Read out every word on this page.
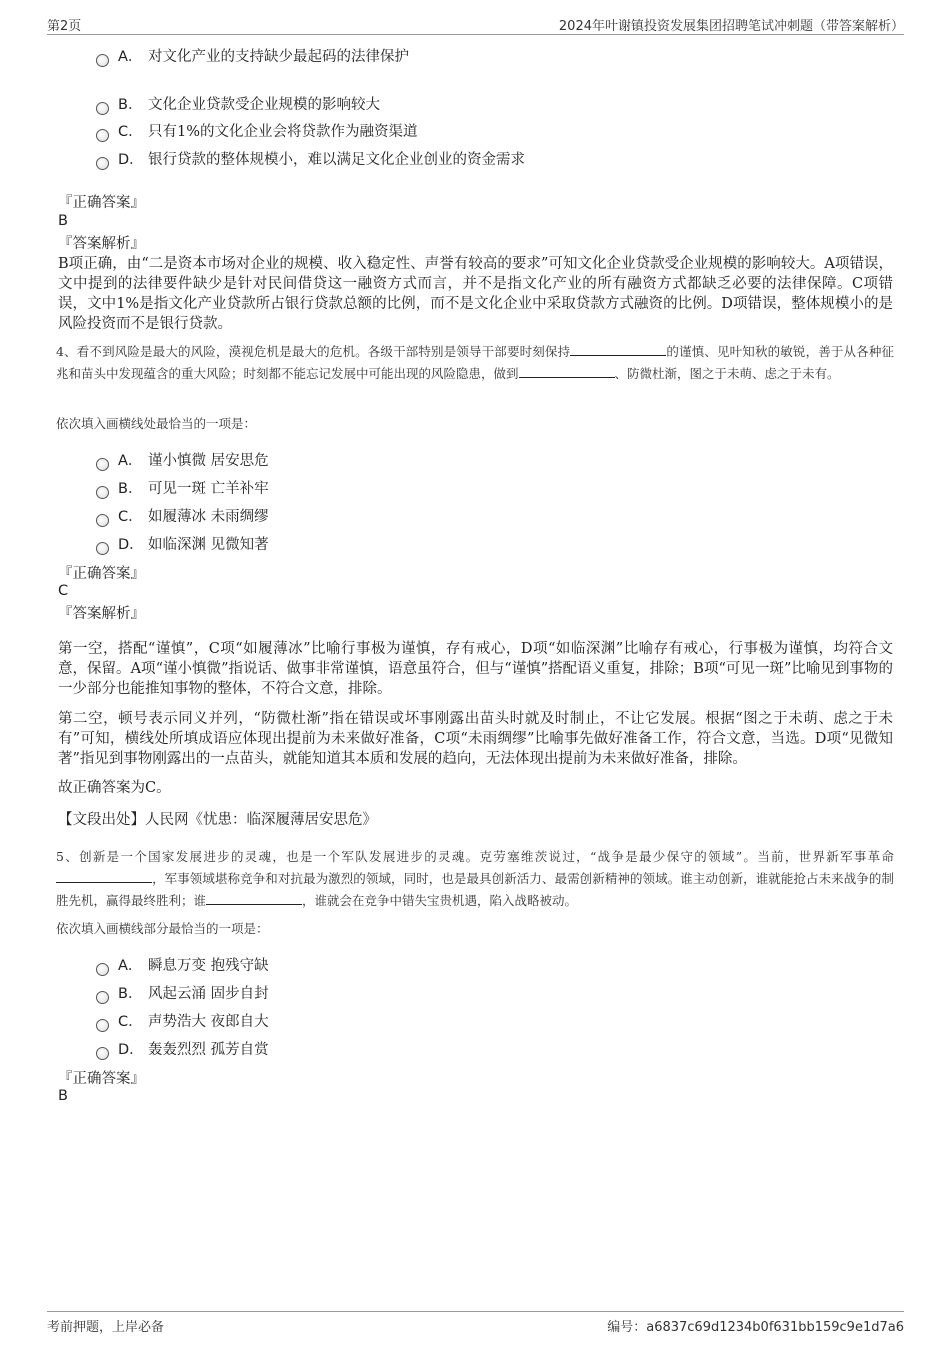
第2页	2024年叶谢镇投资发展集团招聘笔试冲刺题（带答案解析）
A． 对文化产业的支持缺少最起码的法律保护
B． 文化企业贷款受企业规模的影响较大
C． 只有1%的文化企业会将贷款作为融资渠道
D． 银行贷款的整体规模小，难以满足文化企业创业的资金需求
『正确答案』
B
『答案解析』
B项正确，由“二是资本市场对企业的规模、收入稳定性、声誉有较高的要求”可知文化企业贷款受企业规模的影响较大。A项错误，文中提到的法律要件缺少是针对民间借贷这一融资方式而言，并不是指文化产业的所有融资方式都缺乏必要的法律保障。C项错误，文中1%是指文化产业贷款所占银行贷款总额的比例，而不是文化企业中采取贷款方式融资的比例。D项错误，整体规模小的是风险投资而不是银行贷款。
4、看不到风险是最大的风险，漠视危机是最大的危机。各级干部特别是领导干部要时刻保持	的谨慎、见叶知秋的敏锐，善于从各种征兆和苗头中发现蕴含的重大风险；时刻都不能忘记发展中可能出现的风险隐患，做到	、防微杜渐，图之于未萌、虑之于未有。
依次填入画横线处最恰当的一项是：
A． 谨小慎微 居安思危
B． 可见一斑 亡羊补牢
C． 如履薄冰 未雨绸缪
D． 如临深渊 见微知著
『正确答案』
C
『答案解析』
第一空，搭配“谨慎”，C项“如履薄冰”比喻行事极为谨慎，存有戒心，D项“如临深渊”比喻存有戒心，行事极为谨慎，均符合文意，保留。A项“谨小慎微”指说话、做事非常谨慎，语意虽符合，但与“谨慎”搭配语义重复，排除；B项“可见一斑”比喻见到事物的一少部分也能推知事物的整体，不符合文意，排除。
第二空，顿号表示同义并列，“防微杜渐”指在错误或坏事刚露出苗头时就及时制止，不让它发展。根据“图之于未萌、虑之于未有”可知，横线处所填成语应体现出提前为未来做好准备，C项“未雨绸缪”比喻事先做好准备工作，符合文意，当选。D项“见微知著”指见到事物刚露出的一点苗头，就能知道其本质和发展的趋向，无法体现出提前为未来做好准备，排除。
故正确答案为C。
【文段出处】人民网《忧患：临深履薄居安思危》
5、创新是一个国家发展进步的灵魂，也是一个军队发展进步的灵魂。克劳塞维茨说过，“战争是最少保守的领域”。当前，世界新军事革命，军事领域堪称竞争和对抗最为激烈的领域，同时，也是最具创新活力、最需创新精神的领域。谁主动创新，谁就能抢占未来战争的制胜先机，赢得最终胜利；谁	，谁就会在竞争中错失宝贵机遇，陷入战略被动。
依次填入画横线部分最恰当的一项是：
A． 瞬息万变 抱残守缺
B． 风起云涌 固步自封
C． 声势浩大 夜郎自大
D． 轰轰烈烈 孤芳自赏
『正确答案』
B
考前押题，上岸必备	编号：a6837c69d1234b0f631bb159c9e1d7a6
